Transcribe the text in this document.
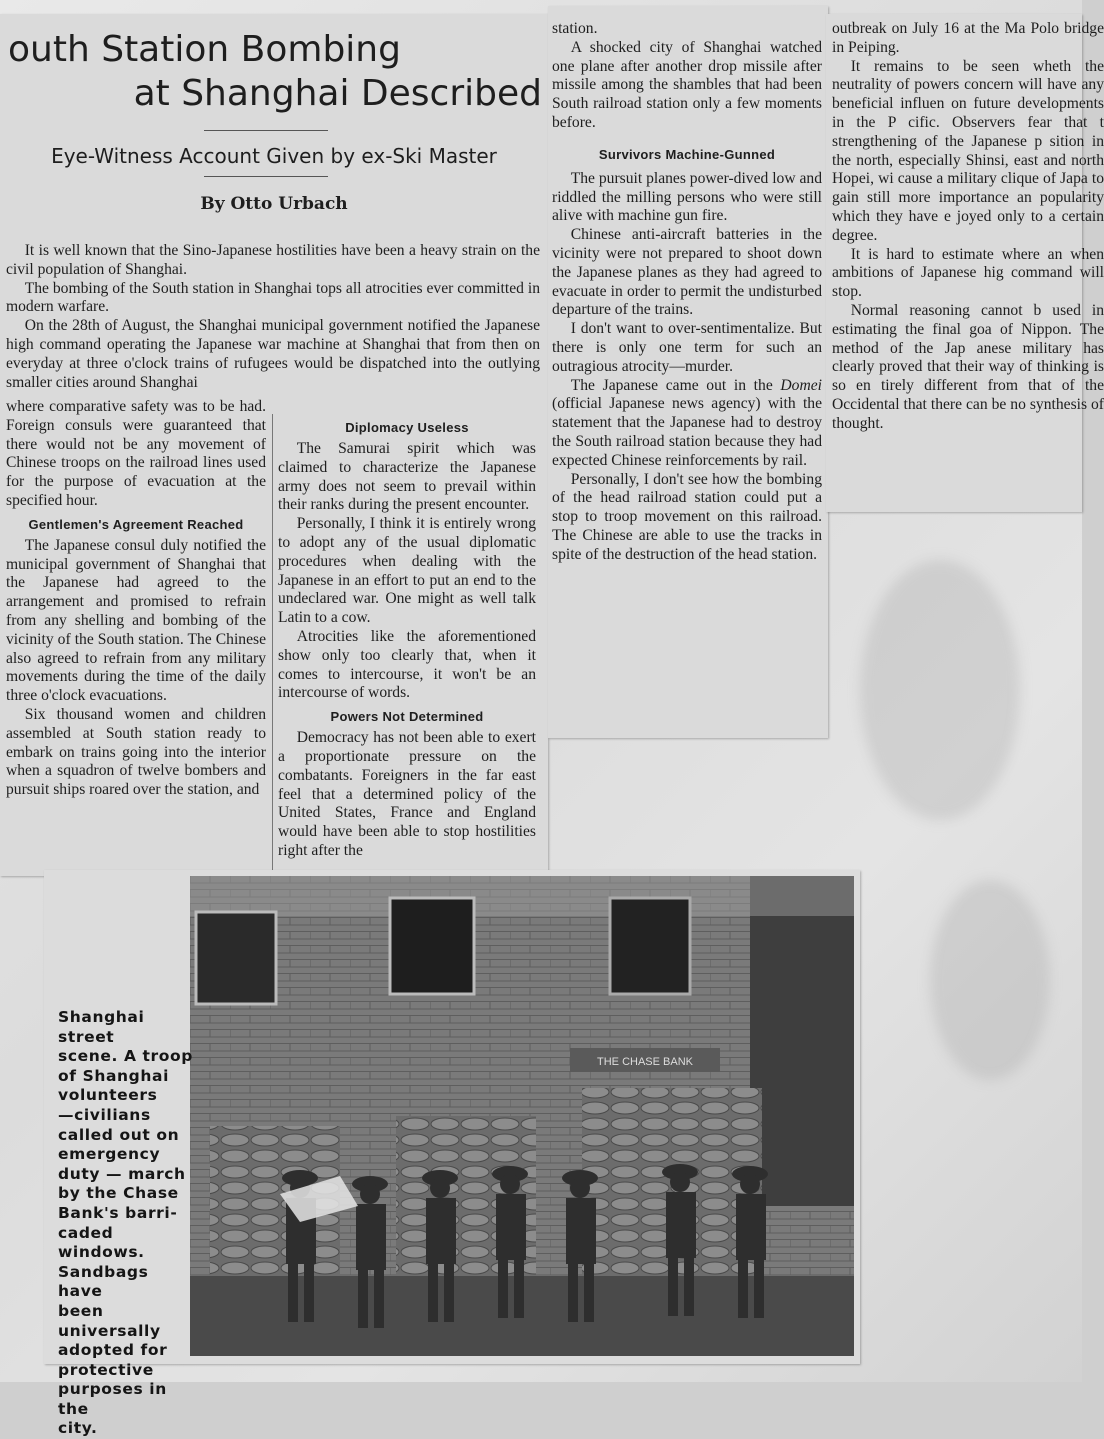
outh Station Bombing
at Shanghai Described
Eye-Witness Account Given by ex-Ski Master
By Otto Urbach

It is well known that the Sino-Japanese hostilities have been a heavy strain on the civil population of Shanghai.

The bombing of the South station in Shanghai tops all atrocities ever committed in modern warfare.

On the 28th of August, the Shanghai municipal government notified the Japanese high command operating the Japanese war machine at Shanghai that from then on everyday at three o'clock trains of rufugees would be dispatched into the outlying smaller cities around Shanghai

where comparative safety was to be had. Foreign consuls were guaranteed that there would not be any movement of Chinese troops on the railroad lines used for the purpose of evacuation at the specified hour.

Gentlemen's Agreement Reached

The Japanese consul duly notified the municipal government of Shanghai that the Japanese had agreed to the arrangement and promised to refrain from any shelling and bombing of the vicinity of the South station. The Chinese also agreed to refrain from any military movements during the time of the daily three o'clock evacuations.

Six thousand women and children assembled at South station ready to embark on trains going into the interior when a squadron of twelve bombers and pursuit ships roared over the station, and

Diplomacy Useless

The Samurai spirit which was claimed to characterize the Japanese army does not seem to prevail within their ranks during the present encounter.

Personally, I think it is entirely wrong to adopt any of the usual diplomatic procedures when dealing with the Japanese in an effort to put an end to the undeclared war. One might as well talk Latin to a cow.

Atrocities like the aforementioned show only too clearly that, when it comes to intercourse, it won't be an intercourse of words.

Powers Not Determined

Democracy has not been able to exert a proportionate pressure on the combatants. Foreigners in the far east feel that a determined policy of the United States, France and England would have been able to stop hostilities right after the

station.

A shocked city of Shanghai watched one plane after another drop missile after missile among the shambles that had been South railroad station only a few moments before.

Survivors Machine-Gunned

The pursuit planes power-dived low and riddled the milling persons who were still alive with machine gun fire.

Chinese anti-aircraft batteries in the vicinity were not prepared to shoot down the Japanese planes as they had agreed to evacuate in order to permit the undisturbed departure of the trains.

I don't want to over-sentimentalize. But there is only one term for such an outragious atrocity—murder.

The Japanese came out in the Domei (official Japanese news agency) with the statement that the Japanese had to destroy the South railroad station because they had expected Chinese reinforcements by rail.

Personally, I don't see how the bombing of the head railroad station could put a stop to troop movement on this railroad. The Chinese are able to use the tracks in spite of the destruction of the head station.

outbreak on July 16 at the Ma Polo bridge in Peiping.

It remains to be seen wheth the neutrality of powers concern will have any beneficial influen on future developments in the P cific. Observers fear that t strengthening of the Japanese p sition in the north, especially Shinsi, east and north Hopei, wi cause a military clique of Japa to gain still more importance an popularity which they have e joyed only to a certain degree.

It is hard to estimate where an when ambitions of Japanese hig command will stop.

Normal reasoning cannot b used in estimating the final goa of Nippon. The method of the Jap anese military has clearly proved that their way of thinking is so en tirely different from that of the Occidental that there can be no synthesis of thought.

THE CHASE BANK
Shanghai street
scene. A troop
of Shanghai
volunteers
—civilians
called out on
emergency
duty — march
by the Chase
Bank's barri-
caded windows.
Sandbags have
been universally
adopted for
protective
purposes in the
city.
